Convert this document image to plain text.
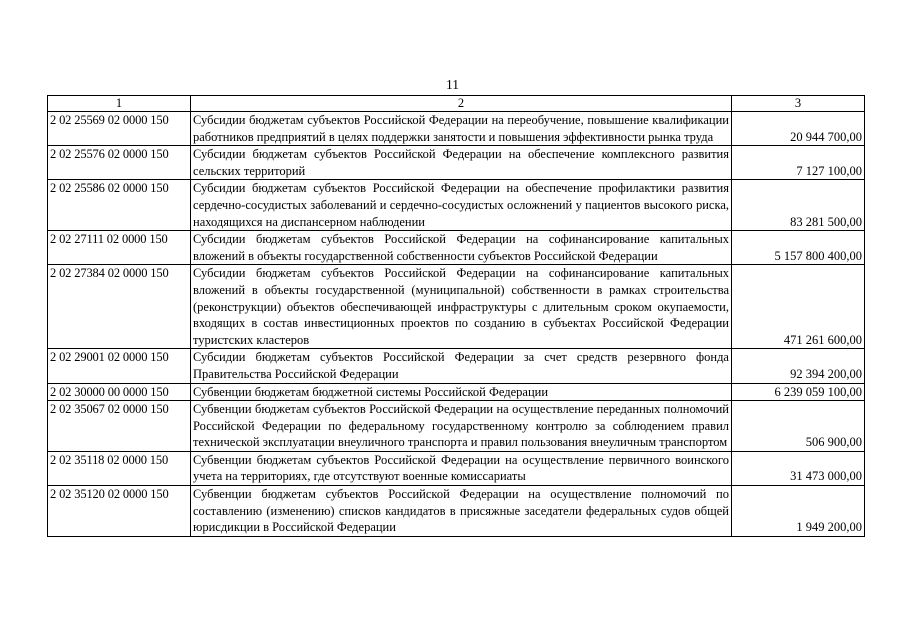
11
1	2	3
2 02 25569 02 0000 150	Субсидии бюджетам субъектов Российской Федерации на переобучение, повышение квалификации работников предприятий в целях поддержки занятости и повышения эффективности рынка труда	20 944 700,00
2 02 25576 02 0000 150	Субсидии бюджетам субъектов Российской Федерации на обеспечение комплексного развития сельских территорий	7 127 100,00
2 02 25586 02 0000 150	Субсидии бюджетам субъектов Российской Федерации на обеспечение профилактики развития сердечно-сосудистых заболеваний и сердечно-сосудистых осложнений у пациентов высокого риска, находящихся на диспансерном наблюдении	83 281 500,00
2 02 27111 02 0000 150	Субсидии бюджетам субъектов Российской Федерации на софинансирование капитальных вложений в объекты государственной собственности субъектов Российской Федерации	5 157 800 400,00
2 02 27384 02 0000 150	Субсидии бюджетам субъектов Российской Федерации на софинансирование капитальных вложений в объекты государственной (муниципальной) собственности в рамках строительства (реконструкции) объектов обеспечивающей инфраструктуры с длительным сроком окупаемости, входящих в состав инвестиционных проектов по созданию в субъектах Российской Федерации туристских кластеров	471 261 600,00
2 02 29001 02 0000 150	Субсидии бюджетам субъектов Российской Федерации за счет средств резервного фонда Правительства Российской Федерации	92 394 200,00
2 02 30000 00 0000 150	Субвенции бюджетам бюджетной системы Российской Федерации	6 239 059 100,00
2 02 35067 02 0000 150	Субвенции бюджетам субъектов Российской Федерации на осуществление переданных полномочий Российской Федерации по федеральному государственному контролю за соблюдением правил технической эксплуатации внеуличного транспорта и правил пользования внеуличным транспортом	506 900,00
2 02 35118 02 0000 150	Субвенции бюджетам субъектов Российской Федерации на осуществление первичного воинского учета на территориях, где отсутствуют военные комиссариаты	31 473 000,00
2 02 35120 02 0000 150	Субвенции бюджетам субъектов Российской Федерации на осуществление полномочий по составлению (изменению) списков кандидатов в присяжные заседатели федеральных судов общей юрисдикции в Российской Федерации	1 949 200,00
